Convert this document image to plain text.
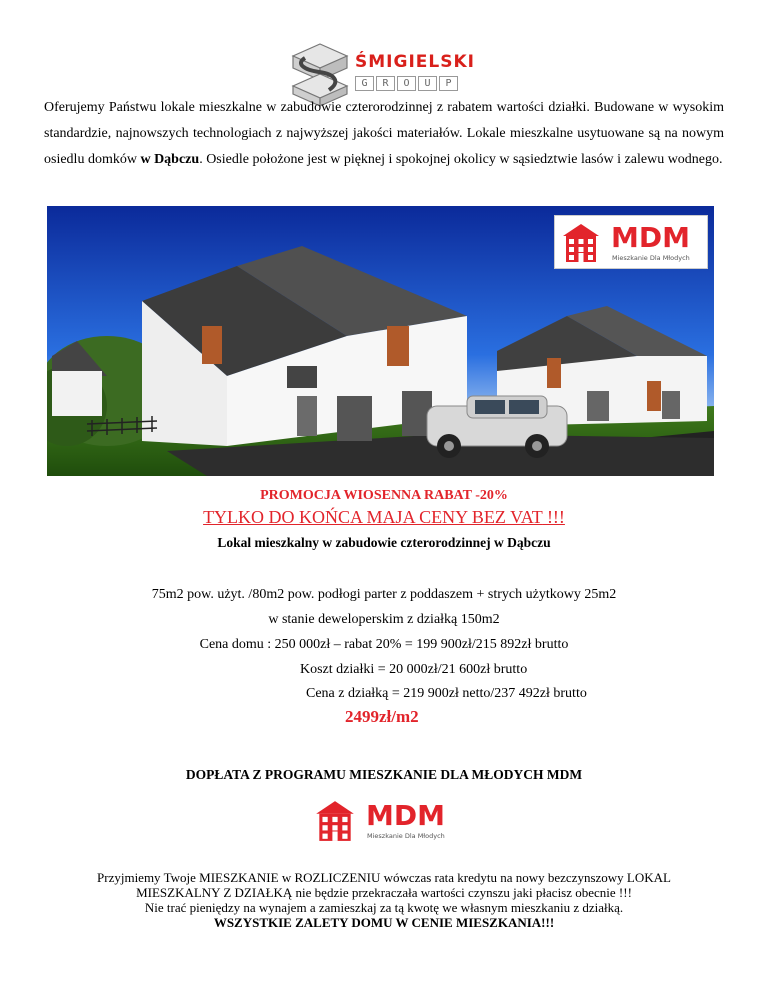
ŚMIGIELSKI
G	R	O	U	P
Oferujemy Państwu lokale mieszkalne w zabudowie czterorodzinnej z rabatem wartości działki. Budowane w wysokim standardzie, najnowszych technologiach z najwyższej jakości materiałów. Lokale mieszkalne usytuowane są na nowym osiedlu domków w Dąbczu. Osiedle położone jest w pięknej i spokojnej okolicy w sąsiedztwie lasów i zalewu wodnego.
MDM
Mieszkanie Dla Młodych
PROMOCJA WIOSENNA RABAT -20%
TYLKO DO KOŃCA MAJA CENY BEZ VAT !!!
Lokal mieszkalny w zabudowie czterorodzinnej w Dąbczu
75m2 pow. użyt. /80m2 pow. podłogi parter z poddaszem + strych użytkowy 25m2
w stanie deweloperskim z działką 150m2
Cena domu : 250 000zł – rabat 20% = 199 900zł/215 892zł brutto
Koszt działki = 20 000zł/21 600zł brutto
Cena z działką = 219 900zł netto/237 492zł brutto
2499zł/m2
DOPŁATA Z PROGRAMU MIESZKANIE DLA MŁODYCH MDM
MDM
Mieszkanie Dla Młodych
Przyjmiemy Twoje MIESZKANIE w ROZLICZENIU wówczas rata kredytu na nowy bezczynszowy LOKAL
MIESZKALNY Z DZIAŁKĄ nie będzie przekraczała wartości czynszu jaki płacisz obecnie !!!
Nie trać pieniędzy na wynajem a zamieszkaj za tą kwotę we własnym mieszkaniu z działką.
WSZYSTKIE ZALETY DOMU W CENIE MIESZKANIA!!!
